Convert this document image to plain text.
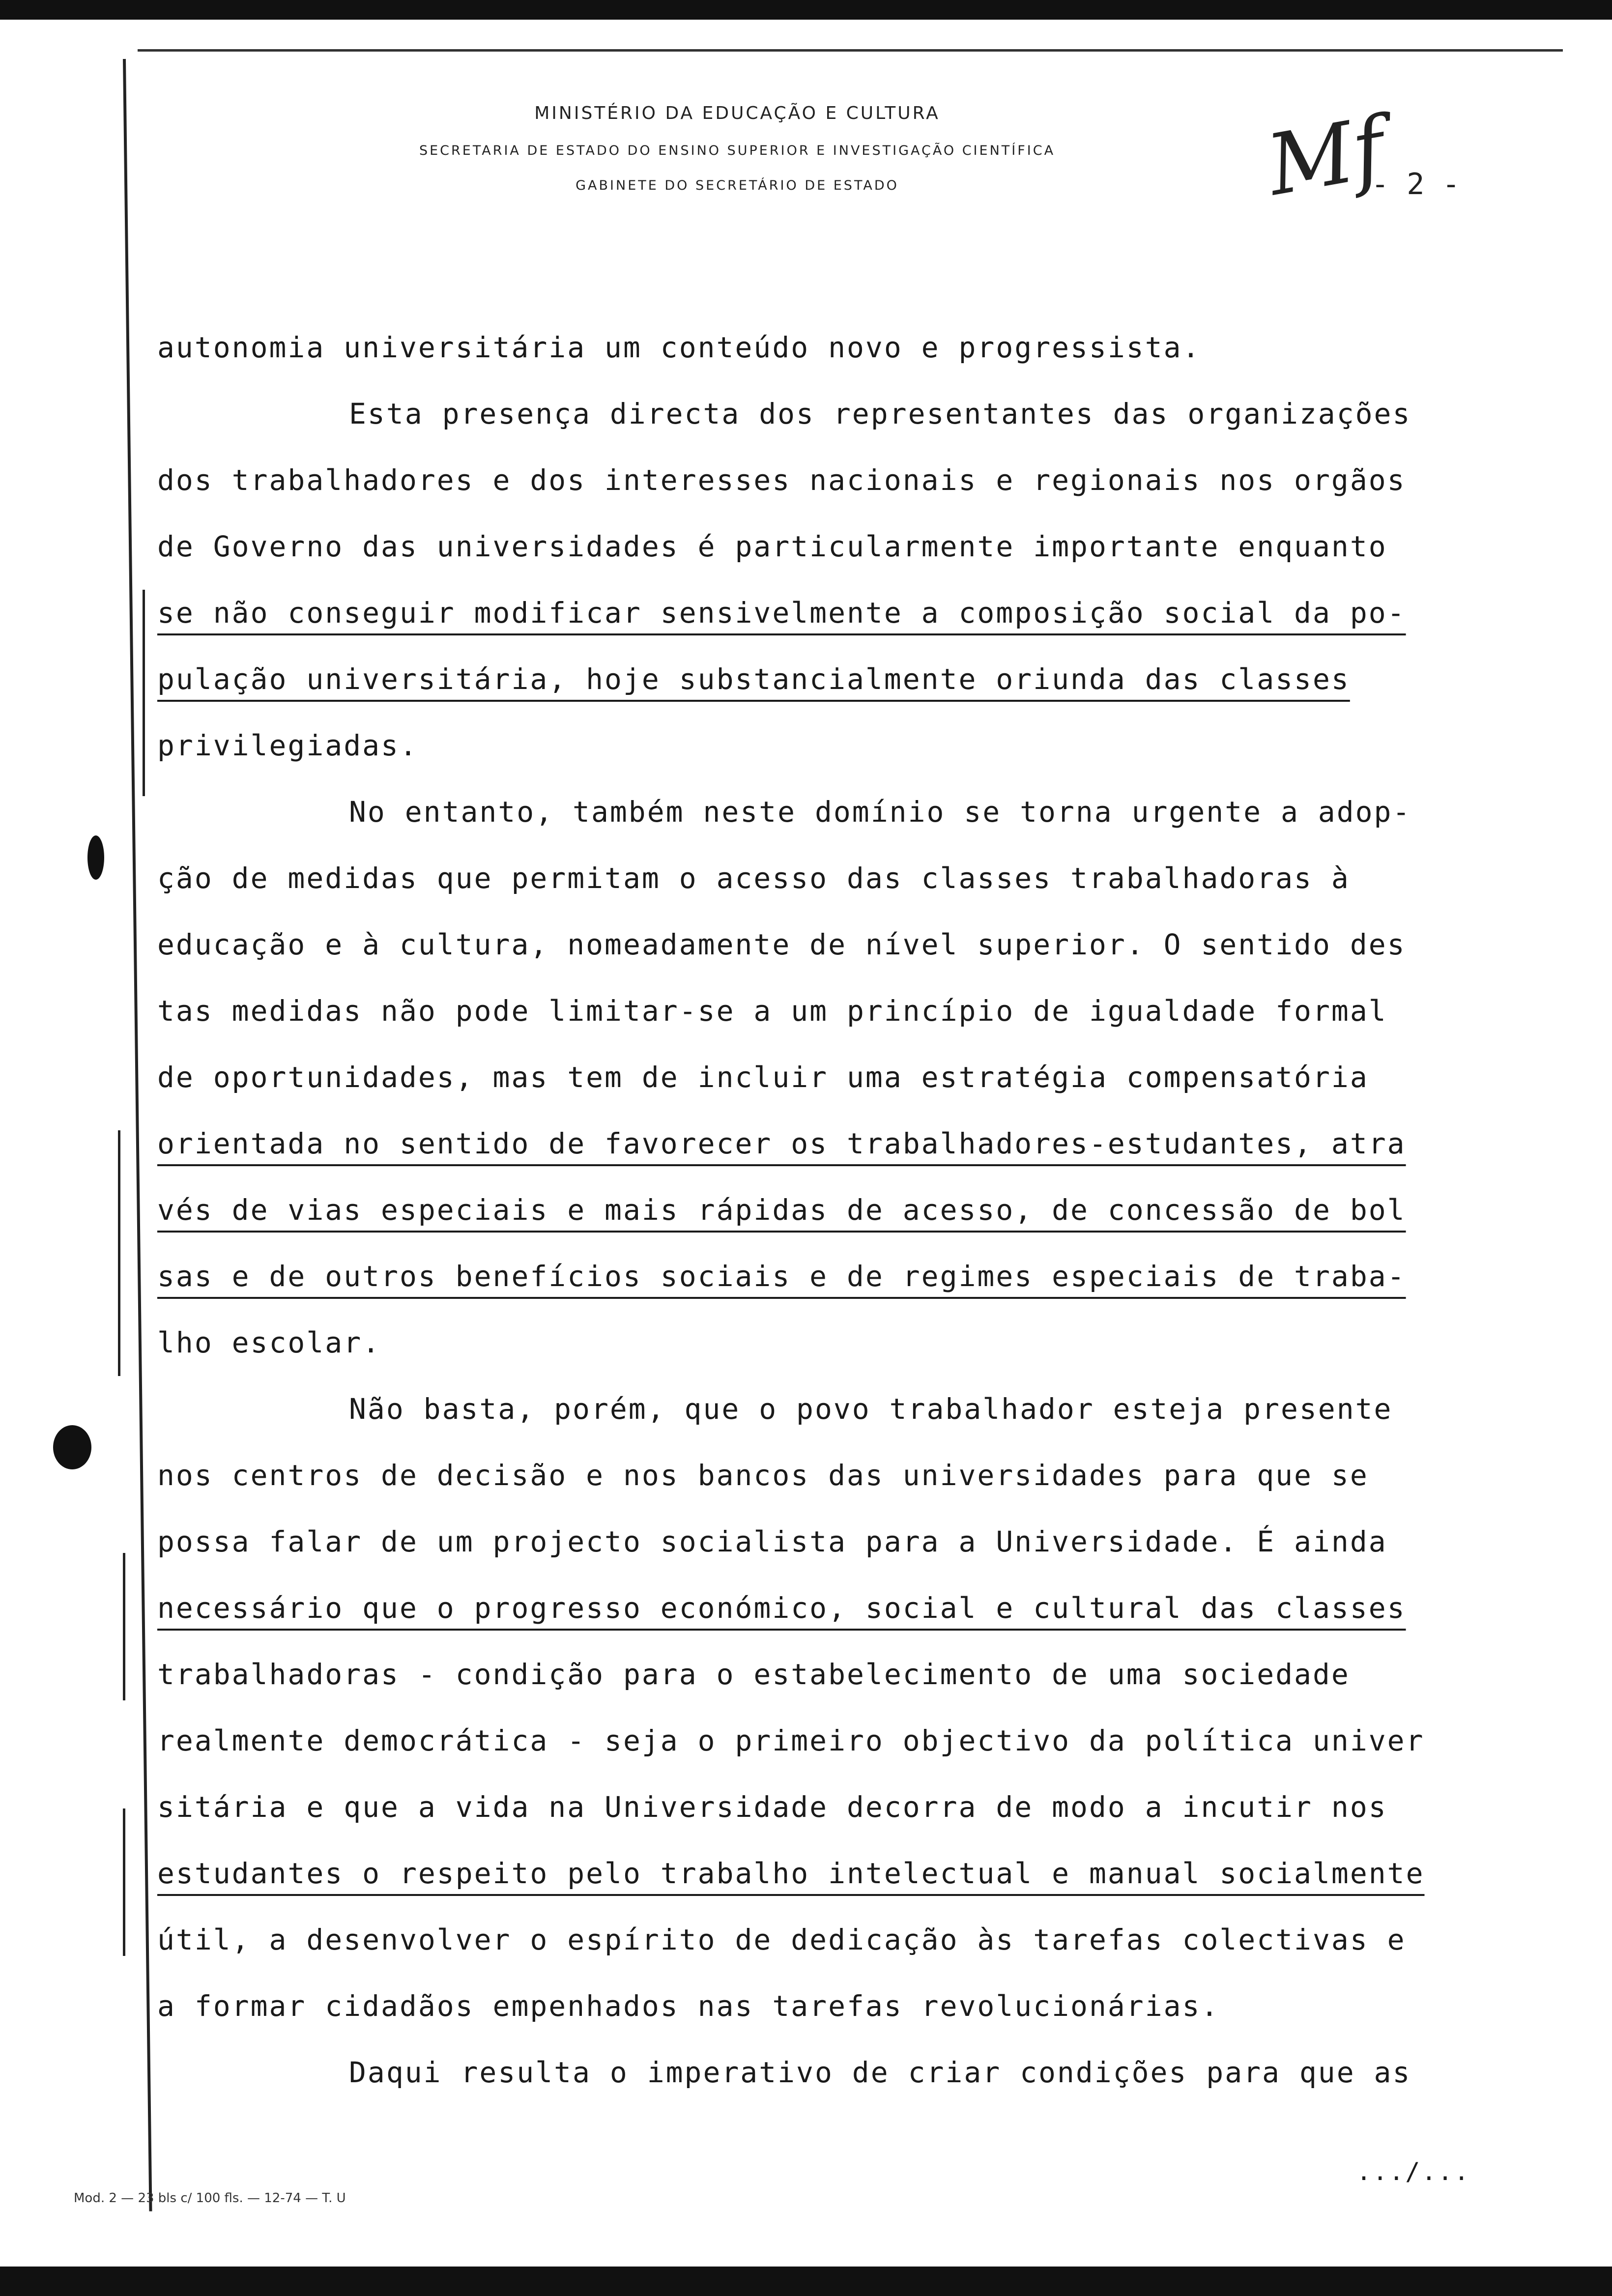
MINISTÉRIO DA EDUCAÇÃO E CULTURA
SECRETARIA DE ESTADO DO ENSINO SUPERIOR E INVESTIGAÇÃO CIENTÍFICA
GABINETE DO SECRETÁRIO DE ESTADO	Mf
- 2 -
autonomia universitária um conteúdo novo e progressista.
Esta presença directa dos representantes das organizações
dos trabalhadores e dos interesses nacionais e regionais nos orgãos
de Governo das universidades é particularmente importante enquanto
se não conseguir modificar sensivelmente a composição social da po-
pulação universitária, hoje substancialmente oriunda das classes
privilegiadas.
No entanto, também neste domínio se torna urgente a adop-
ção de medidas que permitam o acesso das classes trabalhadoras à
educação e à cultura, nomeadamente de nível superior. O sentido des
tas medidas não pode limitar-se a um princípio de igualdade formal
de oportunidades, mas tem de incluir uma estratégia compensatória
orientada no sentido de favorecer os trabalhadores-estudantes, atra
vés de vias especiais e mais rápidas de acesso, de concessão de bol
sas e de outros benefícios sociais e de regimes especiais de traba-
lho escolar.
Não basta, porém, que o povo trabalhador esteja presente
nos centros de decisão e nos bancos das universidades para que se
possa falar de um projecto socialista para a Universidade. É ainda
necessário que o progresso económico, social e cultural das classes
trabalhadoras - condição para o estabelecimento de uma sociedade
realmente democrática - seja o primeiro objectivo da política univer
sitária e que a vida na Universidade decorra de modo a incutir nos
estudantes o respeito pelo trabalho intelectual e manual socialmente
útil, a desenvolver o espírito de dedicação às tarefas colectivas e
a formar cidadãos empenhados nas tarefas revolucionárias.
Daqui resulta o imperativo de criar condições para que as
.../...
Mod. 2 — 23 bls c/ 100 fls. — 12-74 — T. U
